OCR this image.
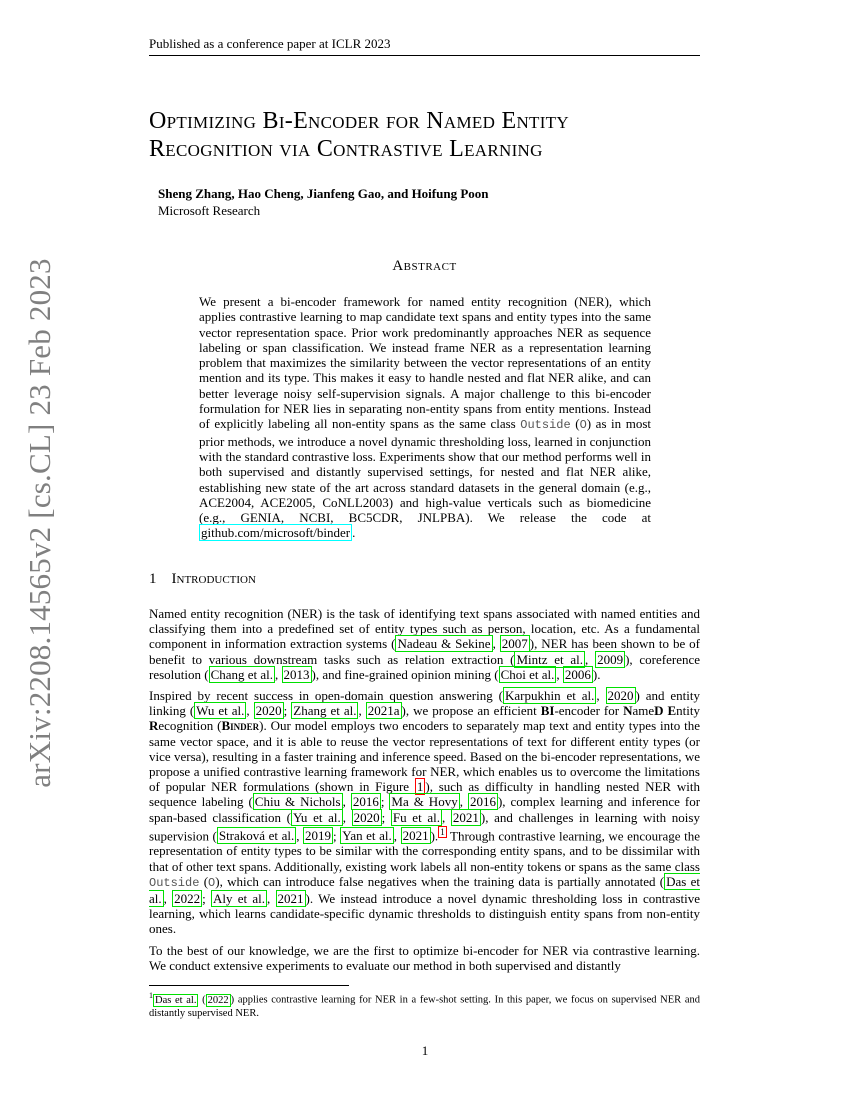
Published as a conference paper at ICLR 2023
arXiv:2208.14565v2 [cs.CL] 23 Feb 2023
Optimizing Bi-Encoder for Named Entity
Recognition via Contrastive Learning
Sheng Zhang, Hao Cheng, Jianfeng Gao, and Hoifung Poon
Microsoft Research
Abstract
We present a bi-encoder framework for named entity recognition (NER), which applies contrastive learning to map candidate text spans and entity types into the same vector representation space. Prior work predominantly approaches NER as sequence labeling or span classification. We instead frame NER as a representation learning problem that maximizes the similarity between the vector representations of an entity mention and its type. This makes it easy to handle nested and flat NER alike, and can better leverage noisy self-supervision signals. A major challenge to this bi-encoder formulation for NER lies in separating non-entity spans from entity mentions. Instead of explicitly labeling all non-entity spans as the same class Outside (O) as in most prior methods, we introduce a novel dynamic thresholding loss, learned in conjunction with the standard contrastive loss. Experiments show that our method performs well in both supervised and distantly supervised settings, for nested and flat NER alike, establishing new state of the art across standard datasets in the general domain (e.g., ACE2004, ACE2005, CoNLL2003) and high-value verticals such as biomedicine (e.g., GENIA, NCBI, BC5CDR, JNLPBA). We release the code at github.com/microsoft/binder .
1 Introduction

Named entity recognition (NER) is the task of identifying text spans associated with named entities and classifying them into a predefined set of entity types such as person, location, etc. As a fundamental component in information extraction systems ( Nadeau & Sekine , 2007 ), NER has been shown to be of benefit to various downstream tasks such as relation extraction ( Mintz et al. , 2009 ), coreference resolution ( Chang et al. , 2013 ), and fine-grained opinion mining ( Choi et al. , 2006 ).

Inspired by recent success in open-domain question answering ( Karpukhin et al. , 2020 ) and entity linking ( Wu et al. , 2020 ; Zhang et al. , 2021a ), we propose an efficient BI-encoder for NameD Entity Recognition (Binder). Our model employs two encoders to separately map text and entity types into the same vector space, and it is able to reuse the vector representations of text for different entity types (or vice versa), resulting in a faster training and inference speed. Based on the bi-encoder representations, we propose a unified contrastive learning framework for NER, which enables us to overcome the limitations of popular NER formulations (shown in Figure 1 ), such as difficulty in handling nested NER with sequence labeling ( Chiu & Nichols , 2016 ; Ma & Hovy , 2016 ), complex learning and inference for span-based classification ( Yu et al. , 2020 ; Fu et al. , 2021 ), and challenges in learning with noisy supervision ( Straková et al. , 2019 ; Yan et al. , 2021 ). $^1$ Through contrastive learning, we encourage the representation of entity types to be similar with the corresponding entity spans, and to be dissimilar with that of other text spans. Additionally, existing work labels all non-entity tokens or spans as the same class Outside (O), which can introduce false negatives when the training data is partially annotated ( Das et al. , 2022 ; Aly et al. , 2021 ). We instead introduce a novel dynamic thresholding loss in contrastive learning, which learns candidate-specific dynamic thresholds to distinguish entity spans from non-entity ones.

To the best of our knowledge, we are the first to optimize bi-encoder for NER via contrastive learning. We conduct extensive experiments to evaluate our method in both supervised and distantly

$^1$ Das et al. ( 2022 ) applies contrastive learning for NER in a few-shot setting. In this paper, we focus on supervised NER and distantly supervised NER.
1
